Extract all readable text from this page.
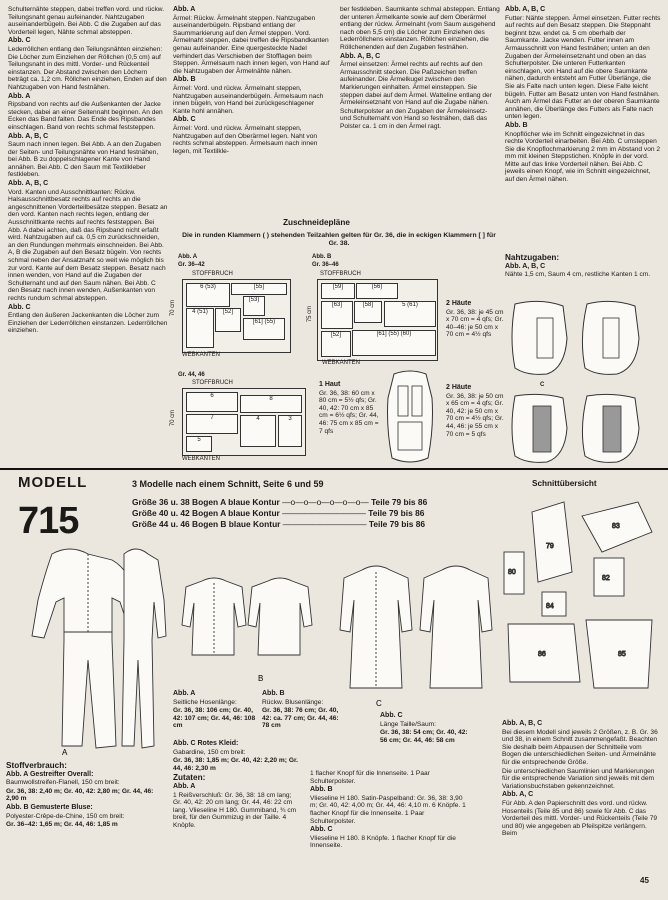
Schulternähte steppen, dabei treffen vord. und rückw. Teilungsnaht genau aufeinander. Nahtzugaben auseinanderbügeln. Bei Abb. C die Zugaben auf das Vorderteil legen, Nähte schmal absteppen.

Abb. C

Lederröllchen entlang den Teilungsnähten einziehen: Die Löcher zum Einziehen der Röllchen (0,5 cm) auf Teilungsnaht in des mittl. Vorder- und Rückenteil einstanzen. Der Abstand zwischen den Löchern beträgt ca. 1,2 cm. Röllchen einziehen, Enden auf den Nahtzugaben von Hand festnähen.

Abb. A

Ripsband von rechts auf die Außenkanten der Jacke stecken, dabei an einer Seitennaht beginnen. An den Ecken das Band falten. Das Ende des Ripsbandes einschlagen. Band von rechts schmal feststeppen.

Abb. A, B, C

Saum nach innen legen. Bei Abb. A an den Zugaben der Seiten- und Teilungsnähte von Hand festnähen, bei Abb. B zu doppelschlagener Kante von Hand annähen. Bei Abb. C den Saum mit Textilkleber festkleben.

Abb. A, B, C

Vord. Kanten und Ausschnittkanten: Rückw. Halsausschnittbesatz rechts auf rechts an die angeschnittenen Vorderteilbesätze steppen. Besatz an den vord. Kanten nach rechts legen, entlang der Ausschnittkante rechts auf rechts feststeppen. Bei Abb. A dabei achten, daß das Ripsband nicht erfaßt wird. Nahtzugaben auf ca. 0,5 cm zurückschneiden, an den Rundungen mehrmals einschneiden. Bei Abb. A, B die Zugaben auf den Besatz bügeln. Von rechts schmal neben der Ansatznaht so weit wie möglich bis zur vord. Kante auf dem Besatz steppen. Besatz nach innen wenden, von Hand auf die Zugaben der Schulternaht und auf den Saum nähen. Bei Abb. C den Besatz nach innen wenden, Außenkanten von rechts rundum schmal absteppen.

Abb. C

Entlang den äußeren Jackenkanten die Löcher zum Einziehen der Lederröllchen einstanzen. Lederröllchen einziehen.

Abb. A

Ärmel: Rückw. Ärmelnaht steppen. Nahtzugaben auseinanderbügeln. Ripsband entlang der Saummarkierung auf den Ärmel steppen. Vord. Ärmelnaht steppen, dabei treffen die Ripsbandkanten genau aufeinander. Eine quergesteckte Nadel verhindert das Verschieben der Stofflagen beim Steppen. Ärmelsaum nach innen legen, von Hand auf die Nahtzugaben der Ärmelnähte nähen.

Abb. B

Ärmel: Vord. und rückw. Ärmelnaht steppen, Nahtzugaben auseinanderbügeln. Ärmelsaum nach innen bügeln, von Hand bei zurückgeschlagener Kante hohl annähen.

Abb. C

Ärmel: Vord. und rückw. Ärmelnaht steppen, Nahtzugaben auf den Oberärmel legen. Naht von rechts schmal absteppen. Ärmelsaum nach innen legen, mit Textilkle-

ber festkleben. Saumkante schmal absteppen. Entlang der unteren Ärmelkante sowie auf dem Oberärmel entlang der rückw. Ärmelnaht (vom Saum ausgehend nach oben 5,5 cm) die Löcher zum Einziehen des Lederröllchens einstanzen. Röllchen einziehen, die Röllchenenden auf den Zugaben festnähen.

Abb. A, B, C

Ärmel einsetzen: Ärmel rechts auf rechts auf den Armausschnitt stecken. Die Paßzeichen treffen aufeinander. Die Ärmelkugel zwischen den Markierungen einhalten. Ärmel einsteppen. Sie steppen dabei auf dem Ärmel. Watteline entlang der Ärmeleinsetznaht von Hand auf die Zugabe nähen.

Schulterpolster an den Zugaben der Ärmeleinsetz- und Schulternaht von Hand so festnähen, daß das Polster ca. 1 cm in den Ärmel ragt.

Abb. A, B, C

Futter: Nähte steppen. Ärmel einsetzen. Futter rechts auf rechts auf den Besatz steppen. Die Steppnaht beginnt bzw. endet ca. 5 cm oberhalb der Saumkante. Jacke wenden. Futter innen am Armausschnitt von Hand festnähen; unten an den Zugaben der Ärmeleinsetznaht und oben an das Schulterpolster. Die unteren Futterkanten einschlagen, von Hand auf die obere Saumkante nähen, dadurch entsteht am Futter Überlänge, die Sie als Falte nach unten legen. Diese Falte leicht bügeln. Futter am Besatz unten von Hand festnähen. Auch am Ärmel das Futter an der oberen Saumkante annähen, die Überlänge des Futters als Falte nach unten legen.

Abb. B

Knopflöcher wie im Schnitt eingezeichnet in das rechte Vorderteil einarbeiten. Bei Abb. C umsteppen Sie die Knopflochmarkierung 2 mm im Abstand von 2 mm mit kleinen Steppstichen. Knöpfe in der vord. Mitte auf das linke Vorderteil nähen. Bei Abb. C jeweils einen Knopf, wie im Schnitt eingezeichnet, auf den Ärmel nähen.

Zuschneidepläne
Die in runden Klammern ( ) stehenden Teilzahlen gelten für Gr. 36, die in eckigen Klammern [ ] für Gr. 38.
Abb. A
Gr. 36–42
STOFFBRUCH
6 (53)	[55]
4 (51)	[52]
(53)
[61] (55)
70 cm
WEBKANTEN
Abb. B
Gr. 36–46
STOFFBRUCH
[59]	(56)
[63]	[58]	5 (61)
[52]	[61] (55) (60)
75 cm
WEBKANTEN
Gr. 44, 46
STOFFBRUCH
6
7
8
4
5
3
70 cm
WEBKANTEN

1 Haut

Gr. 36, 38: 60 cm x 80 cm = 5½ qfs; Gr. 40, 42: 70 cm x 85 cm = 6½ qfs; Gr. 44, 46: 75 cm x 85 cm = 7 qfs

2 Häute

Gr. 36, 38: je 45 cm x 70 cm = 4 qfs; Gr. 40–46: je 50 cm x 70 cm = 4½ qfs

2 Häute

Gr. 36, 38: je 50 cm x 65 cm = 4 qfs; Gr. 40, 42: je 50 cm x 70 cm = 4½ qfs; Gr. 44, 46: je 55 cm x 70 cm = 5 qfs

C

Nahtzugaben:

Abb. A, B, C

Nähte 1,5 cm, Saum 4 cm, restliche Kanten 1 cm.

MODELL
715
3 Modelle nach einem Schnitt, Seite 6 und 59	Schnittübersicht
Größe 36 u. 38 Bogen A blaue Kontur —o—o—o—o—o—o— Teile 79 bis 86
Größe 40 u. 42 Bogen A blaue Kontur —————————— Teile 79 bis 86
Größe 44 u. 46 Bogen B blaue Kontur —————————— Teile 79 bis 86
A
B
C
80
79
83
82
84
86	85

Stoffverbrauch:

Abb. A Gestreifter Overall:

Baumwollstreifen-Flanell, 150 cm breit:

Gr. 36, 38: 2,40 m; Gr. 40, 42: 2,80 m; Gr. 44, 46: 2,90 m

Abb. B Gemusterte Bluse:

Polyester-Crêpe-de-Chine, 150 cm breit:

Gr. 36–42: 1,65 m; Gr. 44, 46: 1,85 m

Abb. A

Seitliche Hosenlänge:

Gr. 36, 38: 106 cm; Gr. 40, 42: 107 cm; Gr. 44, 46: 108 cm

Abb. B

Rückw. Blusenlänge:

Gr. 36, 38: 76 cm; Gr. 40, 42: ca. 77 cm; Gr. 44, 46: 78 cm

Abb. C

Länge Taille/Saum:

Gr. 36, 38: 54 cm; Gr. 40, 42: 56 cm; Gr. 44, 46: 58 cm

Abb. C Rotes Kleid:

Gabardine, 150 cm breit:

Gr. 36, 38: 1,85 m; Gr. 40, 42: 2,20 m; Gr. 44, 46: 2,30 m

Zutaten:

Abb. A

1 Reißverschluß: Gr. 36, 38: 18 cm lang; Gr. 40, 42: 20 cm lang; Gr. 44, 46: 22 cm lang. Vlieseline H 180. Gummiband, ¾ cm breit, für den Gummizug in der Taille. 4 Knöpfe.

1 flacher Knopf für die Innenseite. 1 Paar Schulterpolster.

Abb. B

Vlieseline H 180. Satin-Paspelband: Gr. 36, 38: 3,90 m; Gr. 40, 42: 4,00 m; Gr. 44, 46: 4,10 m. 6 Knöpfe. 1 flacher Knopf für die Innenseite. 1 Paar Schulterpolster.

Abb. C

Vlieseline H 180. 8 Knöpfe. 1 flacher Knopf für die Innenseite.

Abb. A, B, C

Bei diesem Modell sind jeweils 2 Größen, z. B. Gr. 36 und 38, in einem Schnitt zusammengefaßt. Beachten Sie deshalb beim Abpausen der Schnitteile vom Bogen die unterschiedlichen Seiten- und Ärmelnähte für die entsprechende Größe.

Die unterschiedlichen Saumlinien und Markierungen für die entsprechende Variation sind jeweils mit dem Variationsbuchstaben gekennzeichnet.

Abb. A, C

Für Abb. A den Papierschnitt des vord. und rückw. Hosenteils (Teile 85 und 86) sowie für Abb. C das Vorderteil des mittl. Vorder- und Rückenteils (Teile 79 und 80) wie angegeben ab Pfeilspitze verlängern. Beim

45
